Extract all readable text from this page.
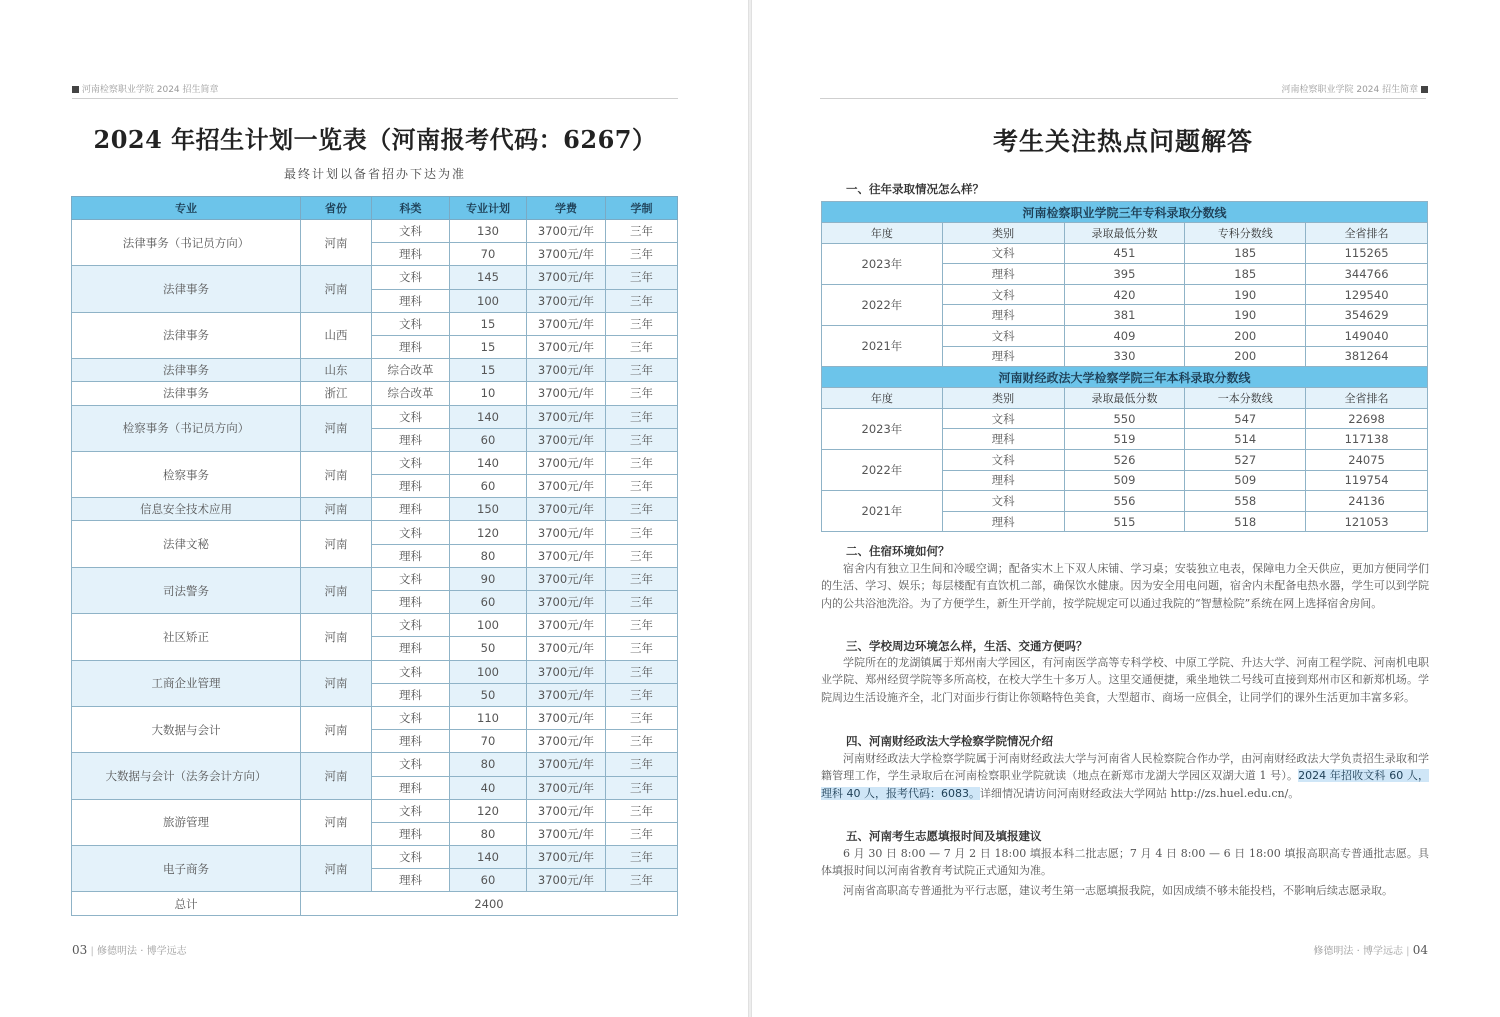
河南检察职业学院 2024 招生简章
2024 年招生计划一览表（河南报考代码：6267）
最终计划以备省招办下达为准
专业	省份	科类	专业计划	学费	学制
法律事务（书记员方向）	河南	文科	130	3700元/年	三年
		理科	70	3700元/年	三年
法律事务	河南	文科	145	3700元/年	三年
		理科	100	3700元/年	三年
法律事务	山西	文科	15	3700元/年	三年
		理科	15	3700元/年	三年
法律事务	山东	综合改革	15	3700元/年	三年
法律事务	浙江	综合改革	10	3700元/年	三年
检察事务（书记员方向）	河南	文科	140	3700元/年	三年
		理科	60	3700元/年	三年
检察事务	河南	文科	140	3700元/年	三年
		理科	60	3700元/年	三年
信息安全技术应用	河南	理科	150	3700元/年	三年
法律文秘	河南	文科	120	3700元/年	三年
		理科	80	3700元/年	三年
司法警务	河南	文科	90	3700元/年	三年
		理科	60	3700元/年	三年
社区矫正	河南	文科	100	3700元/年	三年
		理科	50	3700元/年	三年
工商企业管理	河南	文科	100	3700元/年	三年
		理科	50	3700元/年	三年
大数据与会计	河南	文科	110	3700元/年	三年
		理科	70	3700元/年	三年
大数据与会计（法务会计方向）	河南	文科	80	3700元/年	三年
		理科	40	3700元/年	三年
旅游管理	河南	文科	120	3700元/年	三年
		理科	80	3700元/年	三年
电子商务	河南	文科	140	3700元/年	三年
		理科	60	3700元/年	三年
总计	2400				
03 | 修德明法 · 博学远志
河南检察职业学院 2024 招生简章
考生关注热点问题解答
修德明法 · 博学远志 | 04
一、往年录取情况怎么样？
河南检察职业学院三年专科录取分数线				
年度	类别	录取最低分数	专科分数线	全省排名
2023年	文科	451	185	115265
	理科	395	185	344766
2022年	文科	420	190	129540
	理科	381	190	354629
2021年	文科	409	200	149040
	理科	330	200	381264
河南财经政法大学检察学院三年本科录取分数线				
年度	类别	录取最低分数	一本分数线	全省排名
2023年	文科	550	547	22698
	理科	519	514	117138
2022年	文科	526	527	24075
	理科	509	509	119754
2021年	文科	556	558	24136
	理科	515	518	121053
二、住宿环境如何？
宿舍内有独立卫生间和冷暖空调；配备实木上下双人床铺、学习桌；安装独立电表，保障电力全天供应，更加方便同学们的生活、学习、娱乐；每层楼配有直饮机二部，确保饮水健康。因为安全用电问题，宿舍内未配备电热水器，学生可以到学院内的公共浴池洗浴。为了方便学生，新生开学前，按学院规定可以通过我院的“智慧检院”系统在网上选择宿舍房间。
三、学校周边环境怎么样，生活、交通方便吗？
学院所在的龙湖镇属于郑州南大学园区，有河南医学高等专科学校、中原工学院、升达大学、河南工程学院、河南机电职业学院、郑州经贸学院等多所高校，在校大学生十多万人。这里交通便捷，乘坐地铁二号线可直接到郑州市区和新郑机场。学院周边生活设施齐全，北门对面步行街让你领略特色美食，大型超市、商场一应俱全，让同学们的课外生活更加丰富多彩。
四、河南财经政法大学检察学院情况介绍
河南财经政法大学检察学院属于河南财经政法大学与河南省人民检察院合作办学，由河南财经政法大学负责招生录取和学籍管理工作，学生录取后在河南检察职业学院就读（地点在新郑市龙湖大学园区双湖大道 1 号）。2024 年招收文科 60 人，理科 40 人，报考代码：6083。详细情况请访问河南财经政法大学网站 http://zs.huel.edu.cn/。
五、河南考生志愿填报时间及填报建议
6 月 30 日 8:00 — 7 月 2 日 18:00 填报本科二批志愿；7 月 4 日 8:00 — 6 日 18:00 填报高职高专普通批志愿。具体填报时间以河南省教育考试院正式通知为准。
河南省高职高专普通批为平行志愿，建议考生第一志愿填报我院，如因成绩不够未能投档，不影响后续志愿录取。
